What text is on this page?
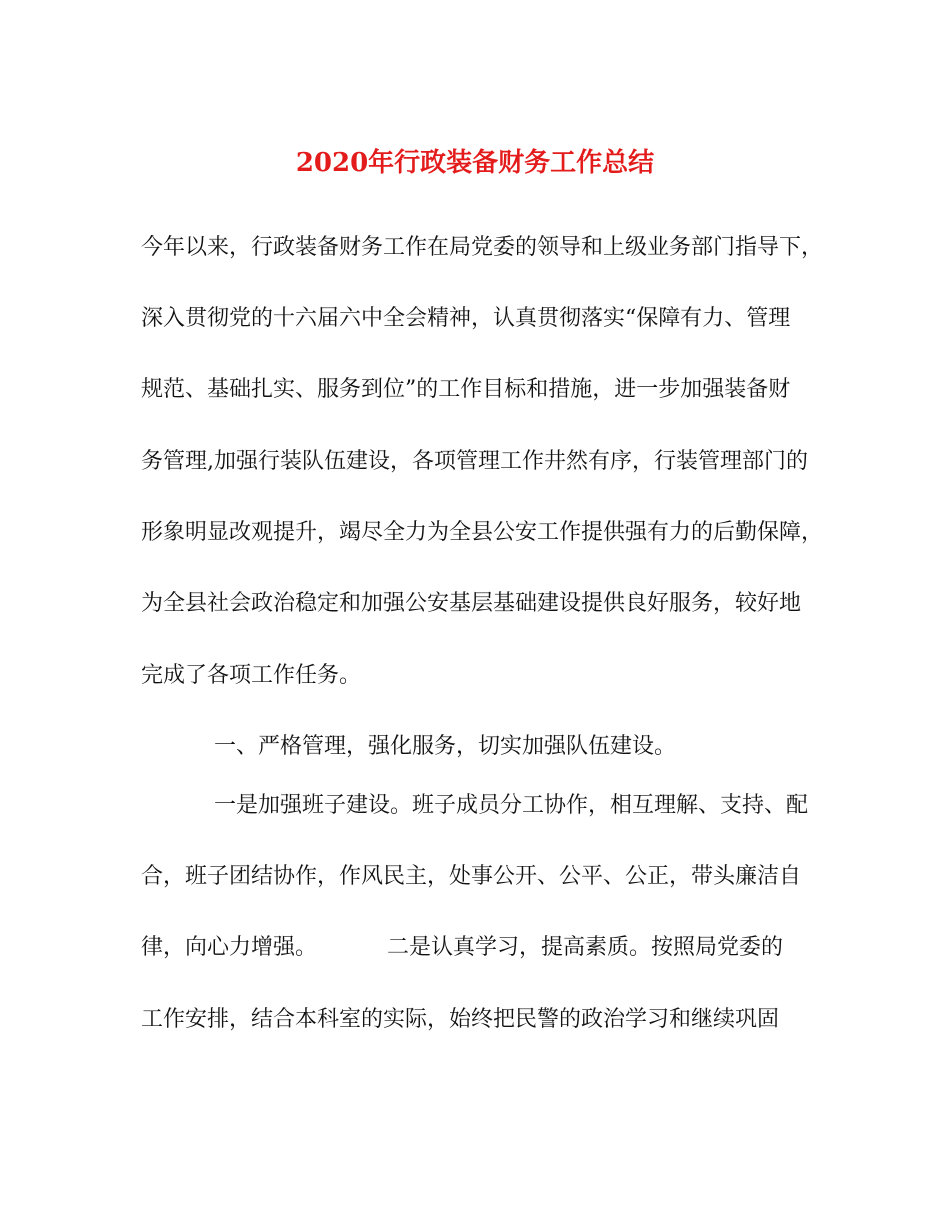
2020年行政装备财务工作总结
今年以来，行政装备财务工作在局党委的领导和上级业务部门指导下，
深入贯彻党的十六届六中全会精神，认真贯彻落实“保障有力、管理
规范、基础扎实、服务到位”的工作目标和措施，进一步加强装备财
务管理,加强行装队伍建设，各项管理工作井然有序，行装管理部门的
形象明显改观提升，竭尽全力为全县公安工作提供强有力的后勤保障，
为全县社会政治稳定和加强公安基层基础建设提供良好服务，较好地
完成了各项工作任务。
一、严格管理，强化服务，切实加强队伍建设。
一是加强班子建设。班子成员分工协作，相互理解、支持、配
合，班子团结协作，作风民主，处事公开、公平、公正，带头廉洁自
律，向心力增强。	二是认真学习，提高素质。按照局党委的
工作安排，结合本科室的实际，始终把民警的政治学习和继续巩固
